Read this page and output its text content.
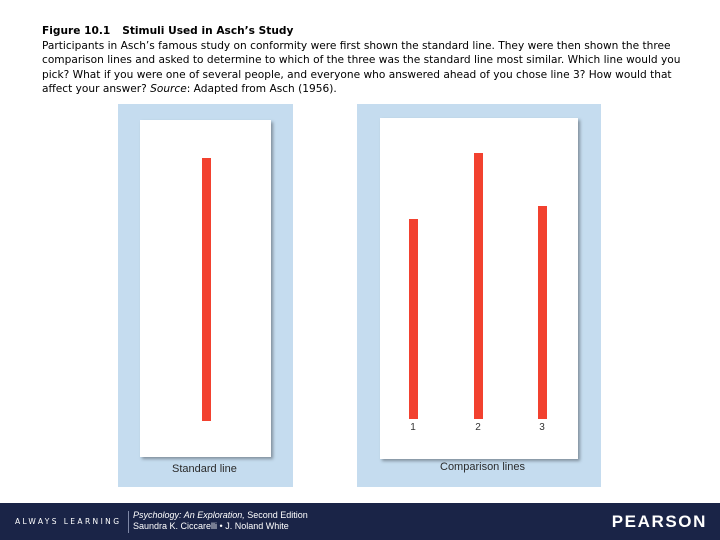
Figure 10.1 Stimuli Used in Asch’s Study
Participants in Asch’s famous study on conformity were first shown the standard line. They were then shown the three comparison lines and asked to determine to which of the three was the standard line most similar. Which line would you pick? What if you were one of several people, and everyone who answered ahead of you chose line 3? How would that affect your answer? Source: Adapted from Asch (1956).
Standard line
1	2	3
Comparison lines
ALWAYS LEARNING
Psychology: An Exploration, Second Edition
Saundra K. Ciccarelli • J. Noland White	PEARSON
